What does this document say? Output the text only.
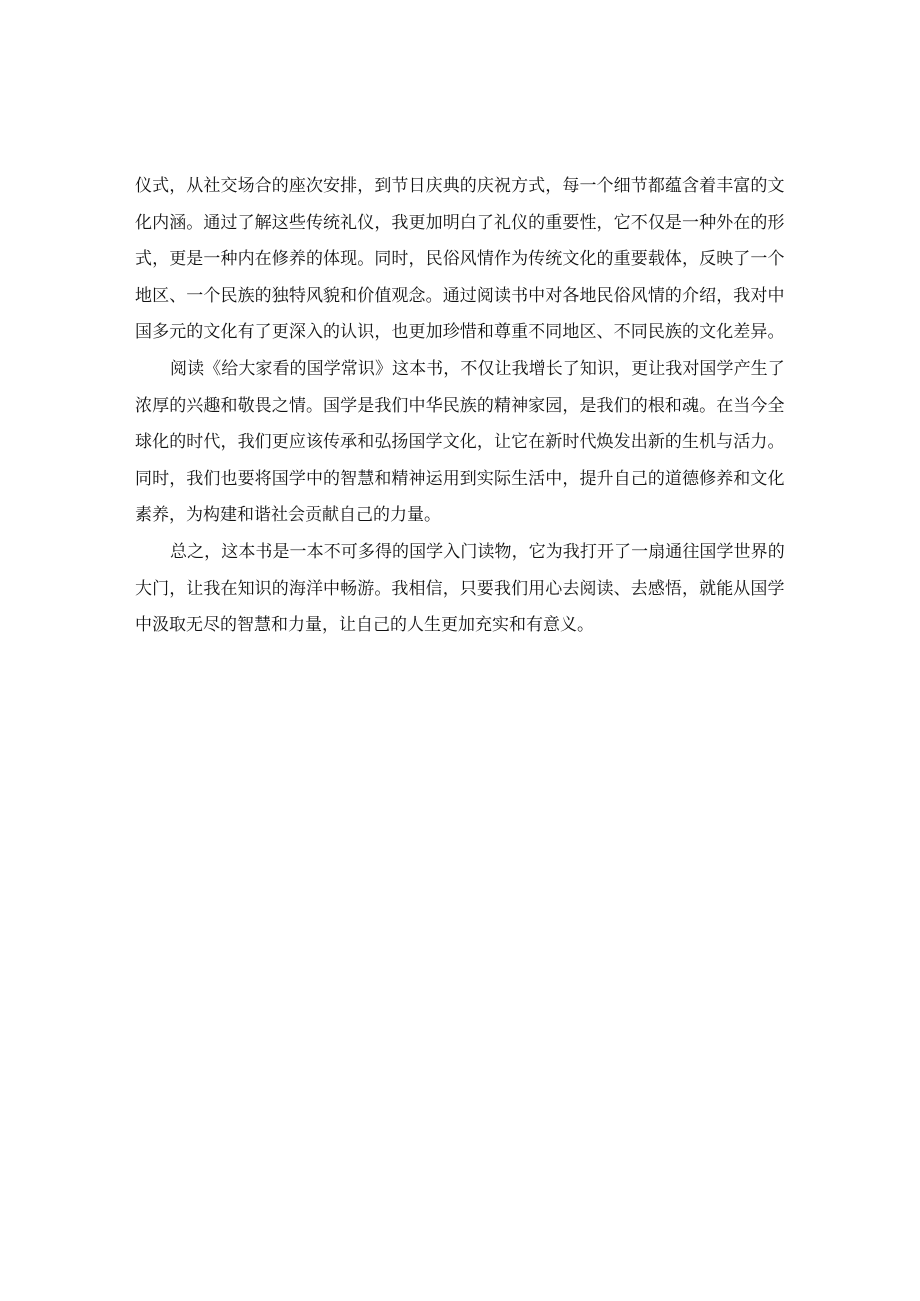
仪 式 ， 从 社 交 场 合 的 座 次 安 排 ， 到 节 日 庆 典 的 庆 祝 方 式 ， 每 一 个 细 节 都 蕴 含 着 丰 富 的 文
化 内 涵 。 通 过 了 解 这 些 传 统 礼 仪 ， 我 更 加 明 白 了 礼 仪 的 重 要 性 ， 它 不 仅 是 一 种 外 在 的 形
式 ， 更 是 一 种 内 在 修 养 的 体 现 。 同 时 ， 民 俗 风 情 作 为 传 统 文 化 的 重 要 载 体 ， 反 映 了 一 个
地 区 、 一 个 民 族 的 独 特 风 貌 和 价 值 观 念 。 通 过 阅 读 书 中 对 各 地 民 俗 风 情 的 介 绍 ， 我 对 中
国 多 元 的 文 化 有 了 更 深 入 的 认 识 ， 也 更 加 珍 惜 和 尊 重 不 同 地 区 、 不 同 民 族 的 文 化 差 异 。
阅 读 《 给 大 家 看 的 国 学 常 识 》 这 本 书 ， 不 仅 让 我 增 长 了 知 识 ， 更 让 我 对 国 学 产 生 了
浓 厚 的 兴 趣 和 敬 畏 之 情 。 国 学 是 我 们 中 华 民 族 的 精 神 家 园 ， 是 我 们 的 根 和 魂 。 在 当 今 全
球 化 的 时 代 ， 我 们 更 应 该 传 承 和 弘 扬 国 学 文 化 ， 让 它 在 新 时 代 焕 发 出 新 的 生 机 与 活 力 。
同 时 ， 我 们 也 要 将 国 学 中 的 智 慧 和 精 神 运 用 到 实 际 生 活 中 ， 提 升 自 己 的 道 德 修 养 和 文 化
素养，为构建和谐社会贡献自己的力量。
总 之 ， 这 本 书 是 一 本 不 可 多 得 的 国 学 入 门 读 物 ， 它 为 我 打 开 了 一 扇 通 往 国 学 世 界 的
大 门 ， 让 我 在 知 识 的 海 洋 中 畅 游 。 我 相 信 ， 只 要 我 们 用 心 去 阅 读 、 去 感 悟 ， 就 能 从 国 学
中汲取无尽的智慧和力量，让自己的人生更加充实和有意义。
